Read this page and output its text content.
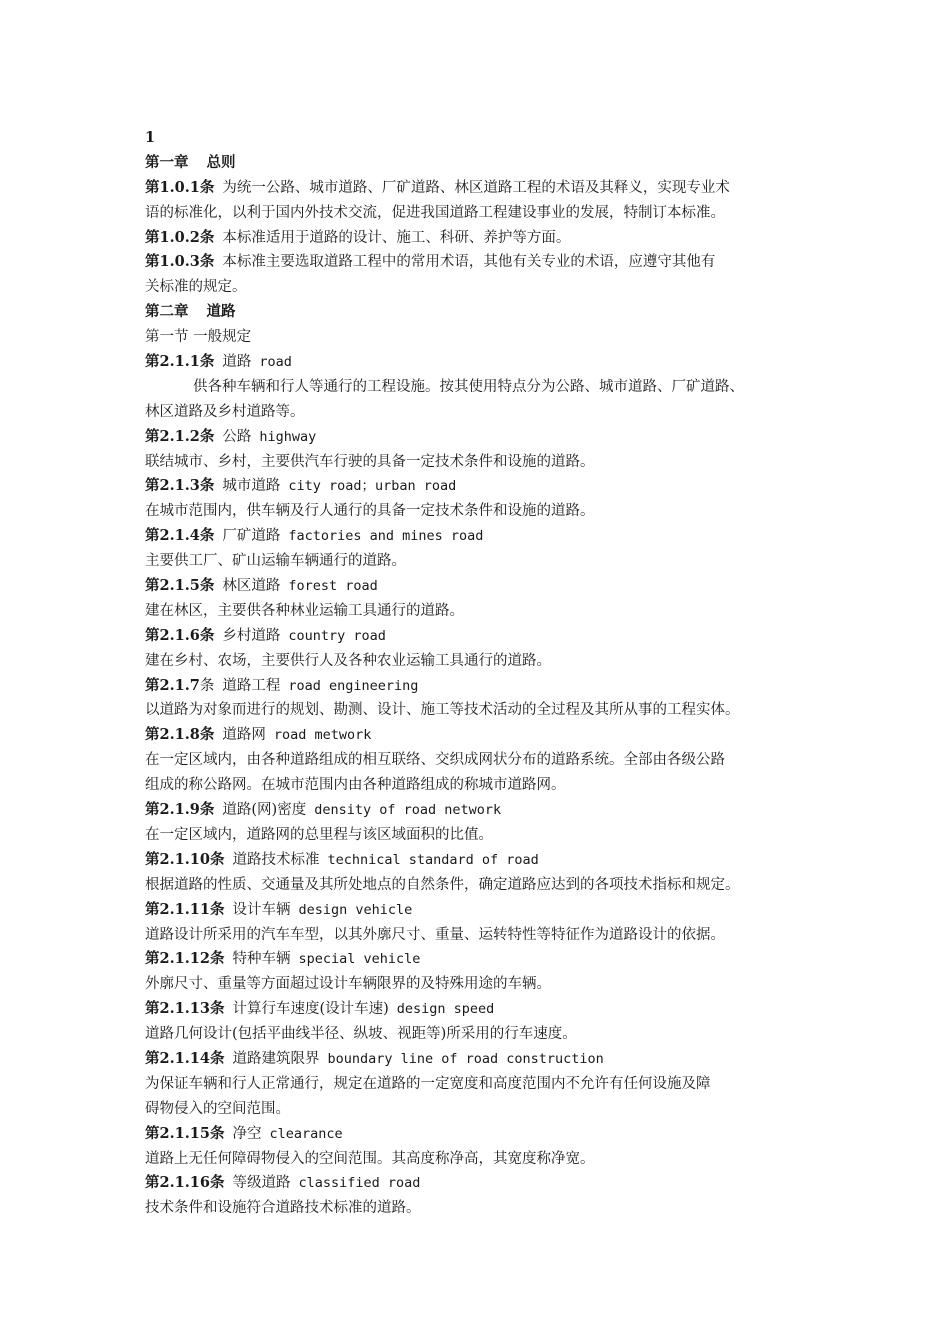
1
第一章 总则
第1.0.1条 为统一公路、城市道路、厂矿道路、林区道路工程的术语及其释义，实现专业术
语的标准化，以利于国内外技术交流，促进我国道路工程建设事业的发展，特制订本标准。
第1.0.2条 本标准适用于道路的设计、施工、科研、养护等方面。
第1.0.3条 本标准主要选取道路工程中的常用术语，其他有关专业的术语，应遵守其他有
关标准的规定。
第二章 道路
第一节 一般规定
第2.1.1条 道路 road
供各种车辆和行人等通行的工程设施。按其使用特点分为公路、城市道路、厂矿道路、
林区道路及乡村道路等。
第2.1.2条 公路 highway
联结城市、乡村，主要供汽车行驶的具备一定技术条件和设施的道路。
第2.1.3条 城市道路 city road；urban road
在城市范围内，供车辆及行人通行的具备一定技术条件和设施的道路。
第2.1.4条 厂矿道路 factories and mines road
主要供工厂、矿山运输车辆通行的道路。
第2.1.5条 林区道路 forest road
建在林区，主要供各种林业运输工具通行的道路。
第2.1.6条 乡村道路 country road
建在乡村、农场，主要供行人及各种农业运输工具通行的道路。
第2.1.7条 道路工程 road engineering
以道路为对象而进行的规划、勘测、设计、施工等技术活动的全过程及其所从事的工程实体。
第2.1.8条 道路网 road metwork
在一定区域内，由各种道路组成的相互联络、交织成网状分布的道路系统。全部由各级公路
组成的称公路网。在城市范围内由各种道路组成的称城市道路网。
第2.1.9条 道路(网)密度 density of road network
在一定区域内，道路网的总里程与该区域面积的比值。
第2.1.10条 道路技术标准 technical standard of road
根据道路的性质、交通量及其所处地点的自然条件，确定道路应达到的各项技术指标和规定。
第2.1.11条 设计车辆 design vehicle
道路设计所采用的汽车车型，以其外廓尺寸、重量、运转特性等特征作为道路设计的依据。
第2.1.12条 特种车辆 special vehicle
外廓尺寸、重量等方面超过设计车辆限界的及特殊用途的车辆。
第2.1.13条 计算行车速度(设计车速) design speed
道路几何设计(包括平曲线半径、纵坡、视距等)所采用的行车速度。
第2.1.14条 道路建筑限界 boundary line of road construction
为保证车辆和行人正常通行，规定在道路的一定宽度和高度范围内不允许有任何设施及障
碍物侵入的空间范围。
第2.1.15条 净空 clearance
道路上无任何障碍物侵入的空间范围。其高度称净高，其宽度称净宽。
第2.1.16条 等级道路 classified road
技术条件和设施符合道路技术标准的道路。
